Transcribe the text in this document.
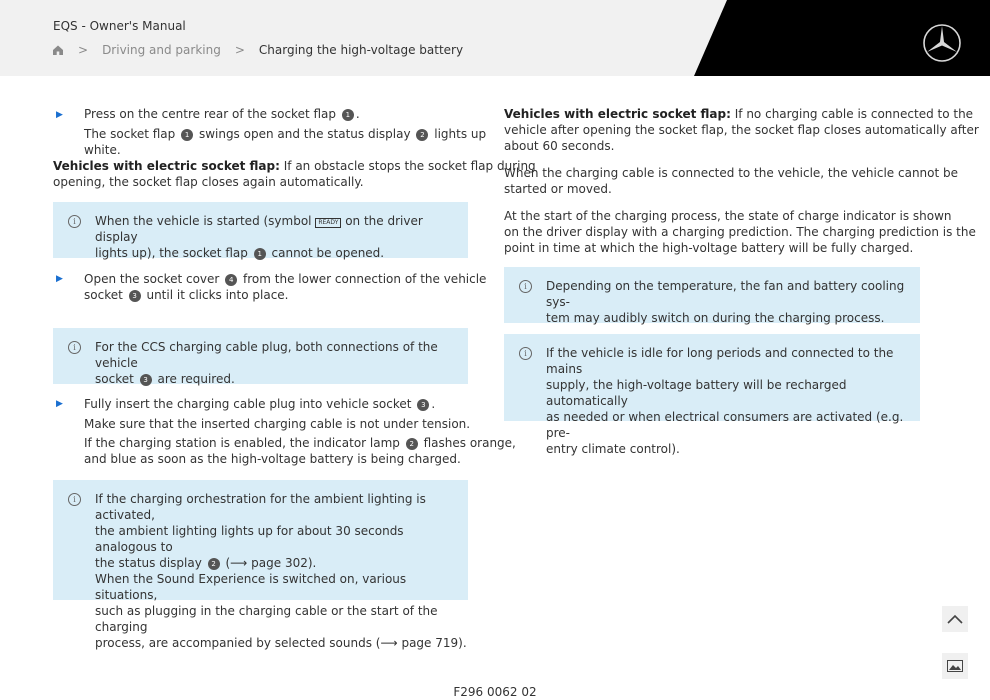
EQS - Owner's Manual
> Driving and parking > Charging the high-voltage battery
▶ Press on the centre rear of the socket flap 1 .
The socket flap 1 swings open and the status display 2 lights up
white.
Vehicles with electric socket flap: If an obstacle stops the socket flap during
opening, the socket flap closes again automatically.
i	When the vehicle is started (symbol READY on the driver display
lights up), the socket flap 1 cannot be opened.
▶ Open the socket cover 4 from the lower connection of the vehicle
socket 3 until it clicks into place.
i	For the CCS charging cable plug, both connections of the vehicle
socket 3 are required.
▶ Fully insert the charging cable plug into vehicle socket 3 .
Make sure that the inserted charging cable is not under tension.
If the charging station is enabled, the indicator lamp 2 flashes orange,
and blue as soon as the high-voltage battery is being charged.
i	If the charging orchestration for the ambient lighting is activated,
the ambient lighting lights up for about 30 seconds analogous to
the status display 2 (⟶ page 302).
When the Sound Experience is switched on, various situations,
such as plugging in the charging cable or the start of the charging
process, are accompanied by selected sounds (⟶ page 719).
Vehicles with electric socket flap: If no charging cable is connected to the
vehicle after opening the socket flap, the socket flap closes automatically after
about 60 seconds.
When the charging cable is connected to the vehicle, the vehicle cannot be
started or moved.
At the start of the charging process, the state of charge indicator is shown
on the driver display with a charging prediction. The charging prediction is the
point in time at which the high-voltage battery will be fully charged.
i	Depending on the temperature, the fan and battery cooling sys-
tem may audibly switch on during the charging process.
i	If the vehicle is idle for long periods and connected to the mains
supply, the high-voltage battery will be recharged automatically
as needed or when electrical consumers are activated (e.g. pre-
entry climate control).
F296 0062 02
